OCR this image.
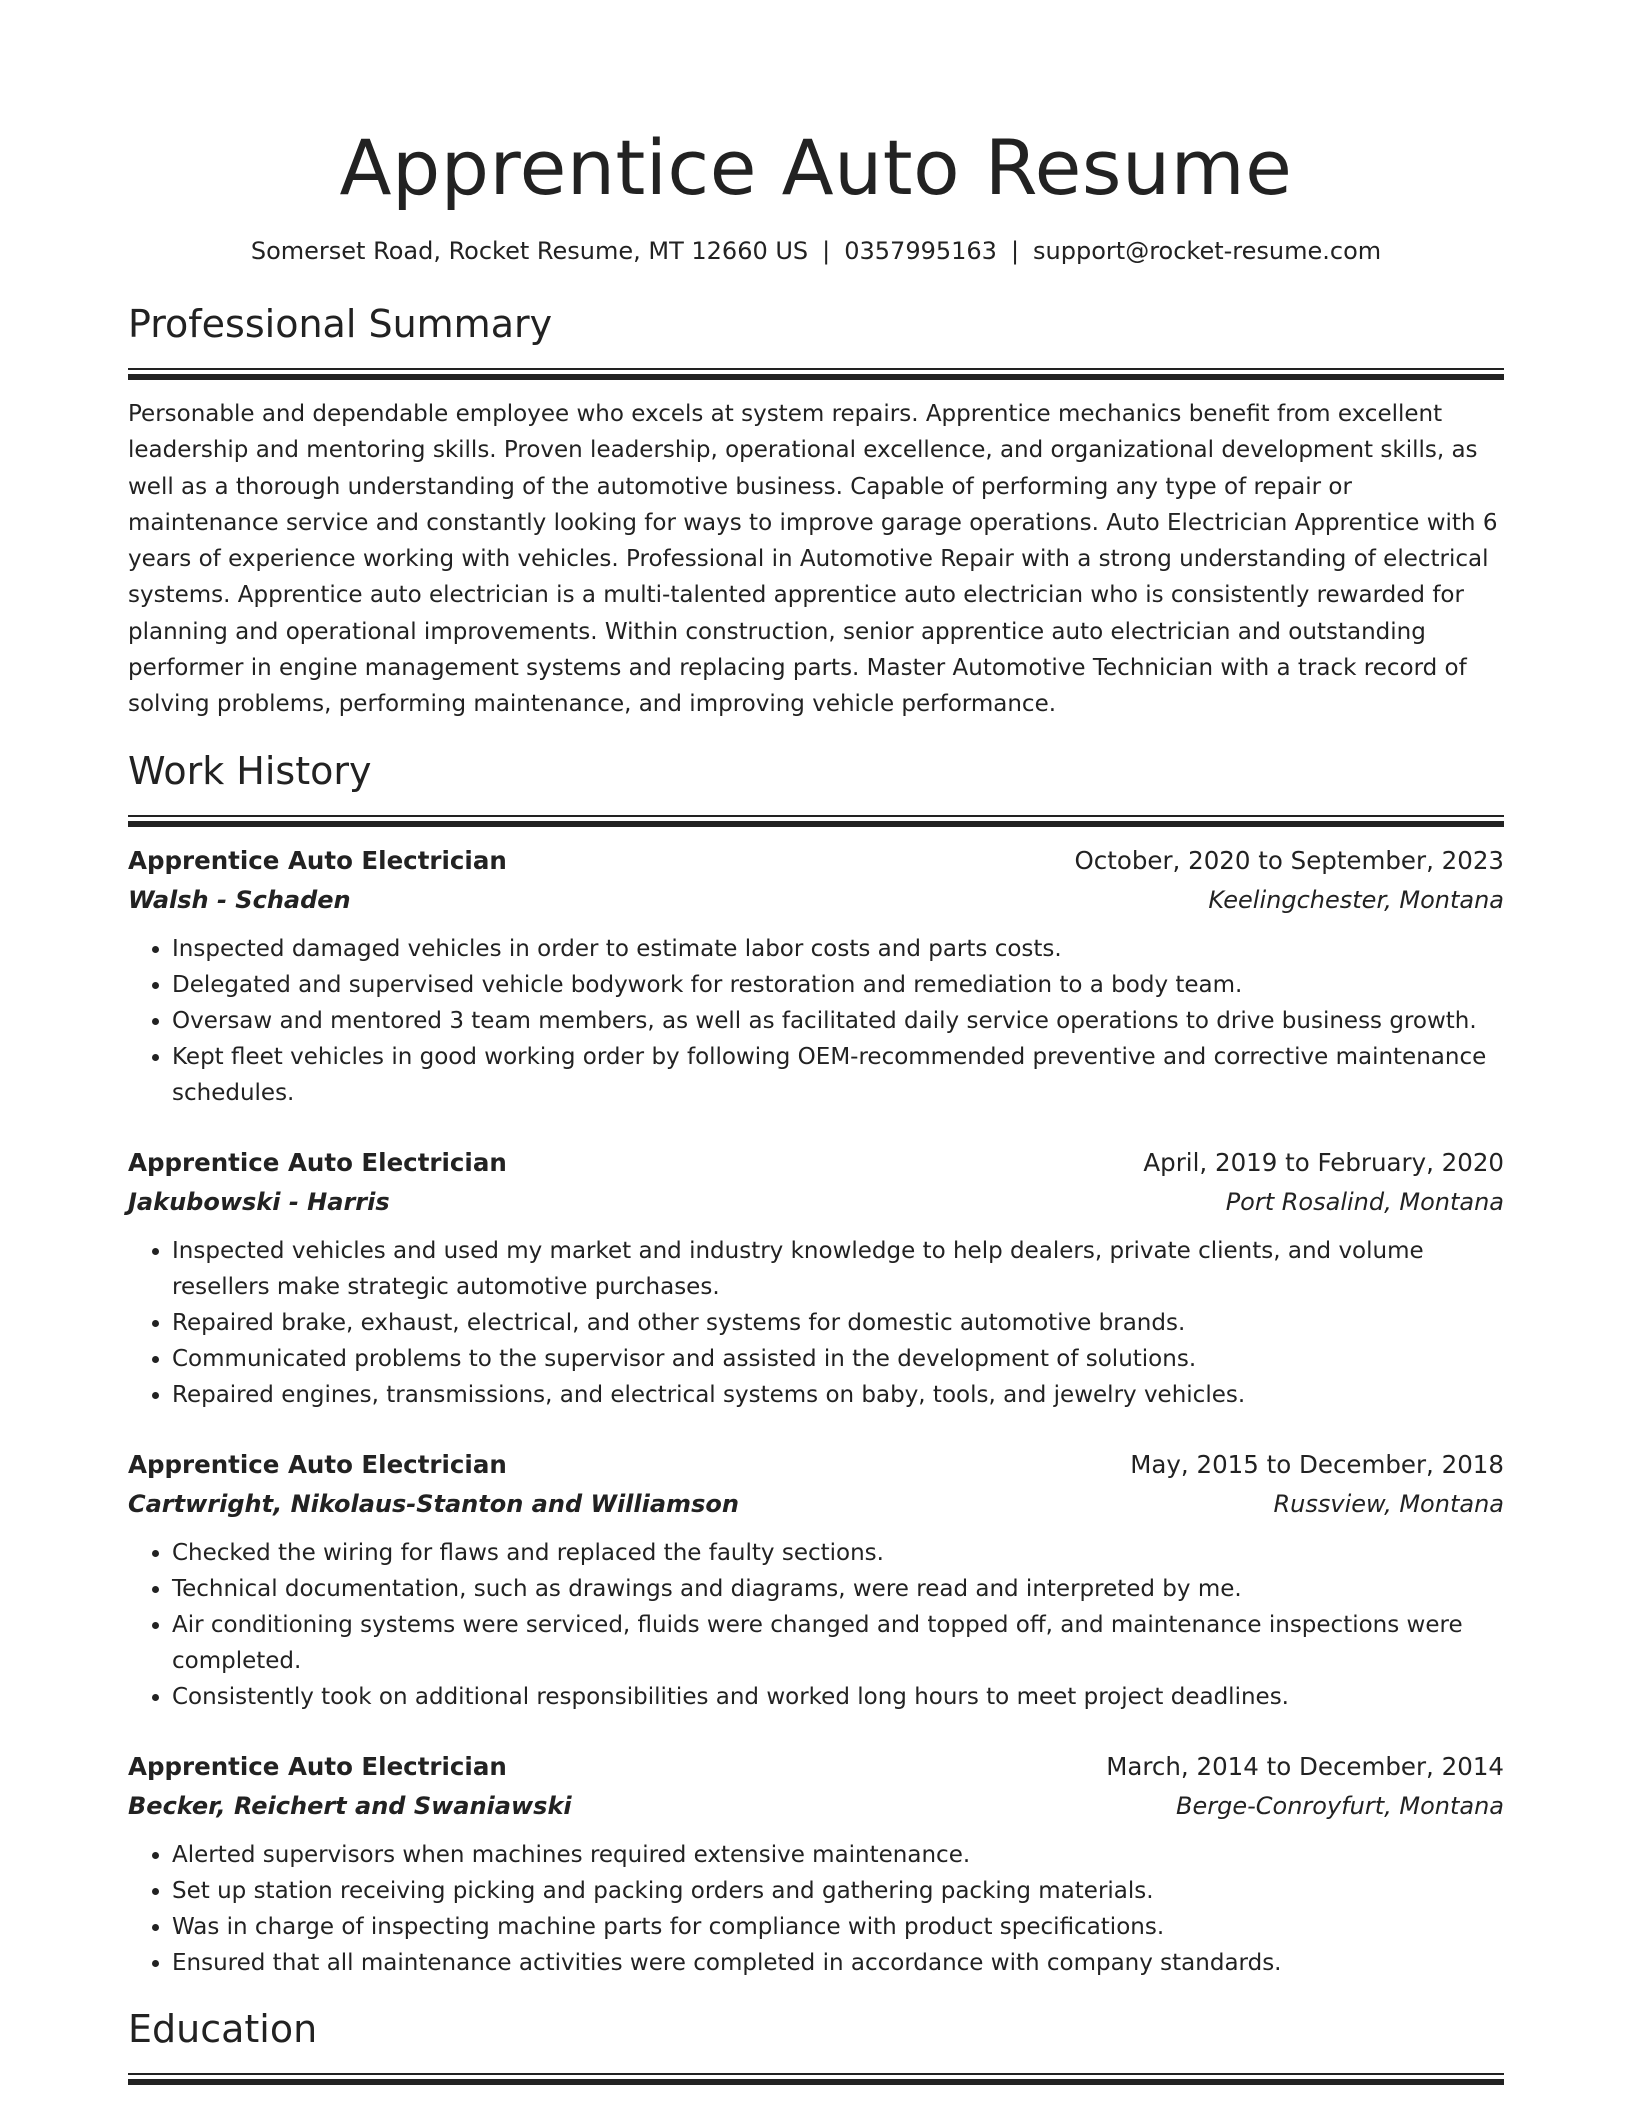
Apprentice Auto Resume
Somerset Road, Rocket Resume, MT 12660 US | 0357995163 | support@rocket-resume.com
Professional Summary
Personable and dependable employee who excels at system repairs. Apprentice mechanics benefit from excellent leadership and mentoring skills. Proven leadership, operational excellence, and organizational development skills, as well as a thorough understanding of the automotive business. Capable of performing any type of repair or maintenance service and constantly looking for ways to improve garage operations. Auto Electrician Apprentice with 6 years of experience working with vehicles. Professional in Automotive Repair with a strong understanding of electrical systems. Apprentice auto electrician is a multi-talented apprentice auto electrician who is consistently rewarded for planning and operational improvements. Within construction, senior apprentice auto electrician and outstanding performer in engine management systems and replacing parts. Master Automotive Technician with a track record of solving problems, performing maintenance, and improving vehicle performance.
Work History
Apprentice Auto Electrician	October, 2020 to September, 2023
Walsh - Schaden	Keelingchester, Montana
• Inspected damaged vehicles in order to estimate labor costs and parts costs.
• Delegated and supervised vehicle bodywork for restoration and remediation to a body team.
• Oversaw and mentored 3 team members, as well as facilitated daily service operations to drive business growth.
• Kept fleet vehicles in good working order by following OEM-recommended preventive and corrective maintenance schedules.
Apprentice Auto Electrician	April, 2019 to February, 2020
Jakubowski - Harris	Port Rosalind, Montana
• Inspected vehicles and used my market and industry knowledge to help dealers, private clients, and volume resellers make strategic automotive purchases.
• Repaired brake, exhaust, electrical, and other systems for domestic automotive brands.
• Communicated problems to the supervisor and assisted in the development of solutions.
• Repaired engines, transmissions, and electrical systems on baby, tools, and jewelry vehicles.
Apprentice Auto Electrician	May, 2015 to December, 2018
Cartwright, Nikolaus-Stanton and Williamson	Russview, Montana
• Checked the wiring for flaws and replaced the faulty sections.
• Technical documentation, such as drawings and diagrams, were read and interpreted by me.
• Air conditioning systems were serviced, fluids were changed and topped off, and maintenance inspections were completed.
• Consistently took on additional responsibilities and worked long hours to meet project deadlines.
Apprentice Auto Electrician	March, 2014 to December, 2014
Becker, Reichert and Swaniawski	Berge-Conroyfurt, Montana
• Alerted supervisors when machines required extensive maintenance.
• Set up station receiving picking and packing orders and gathering packing materials.
• Was in charge of inspecting machine parts for compliance with product specifications.
• Ensured that all maintenance activities were completed in accordance with company standards.
Education
